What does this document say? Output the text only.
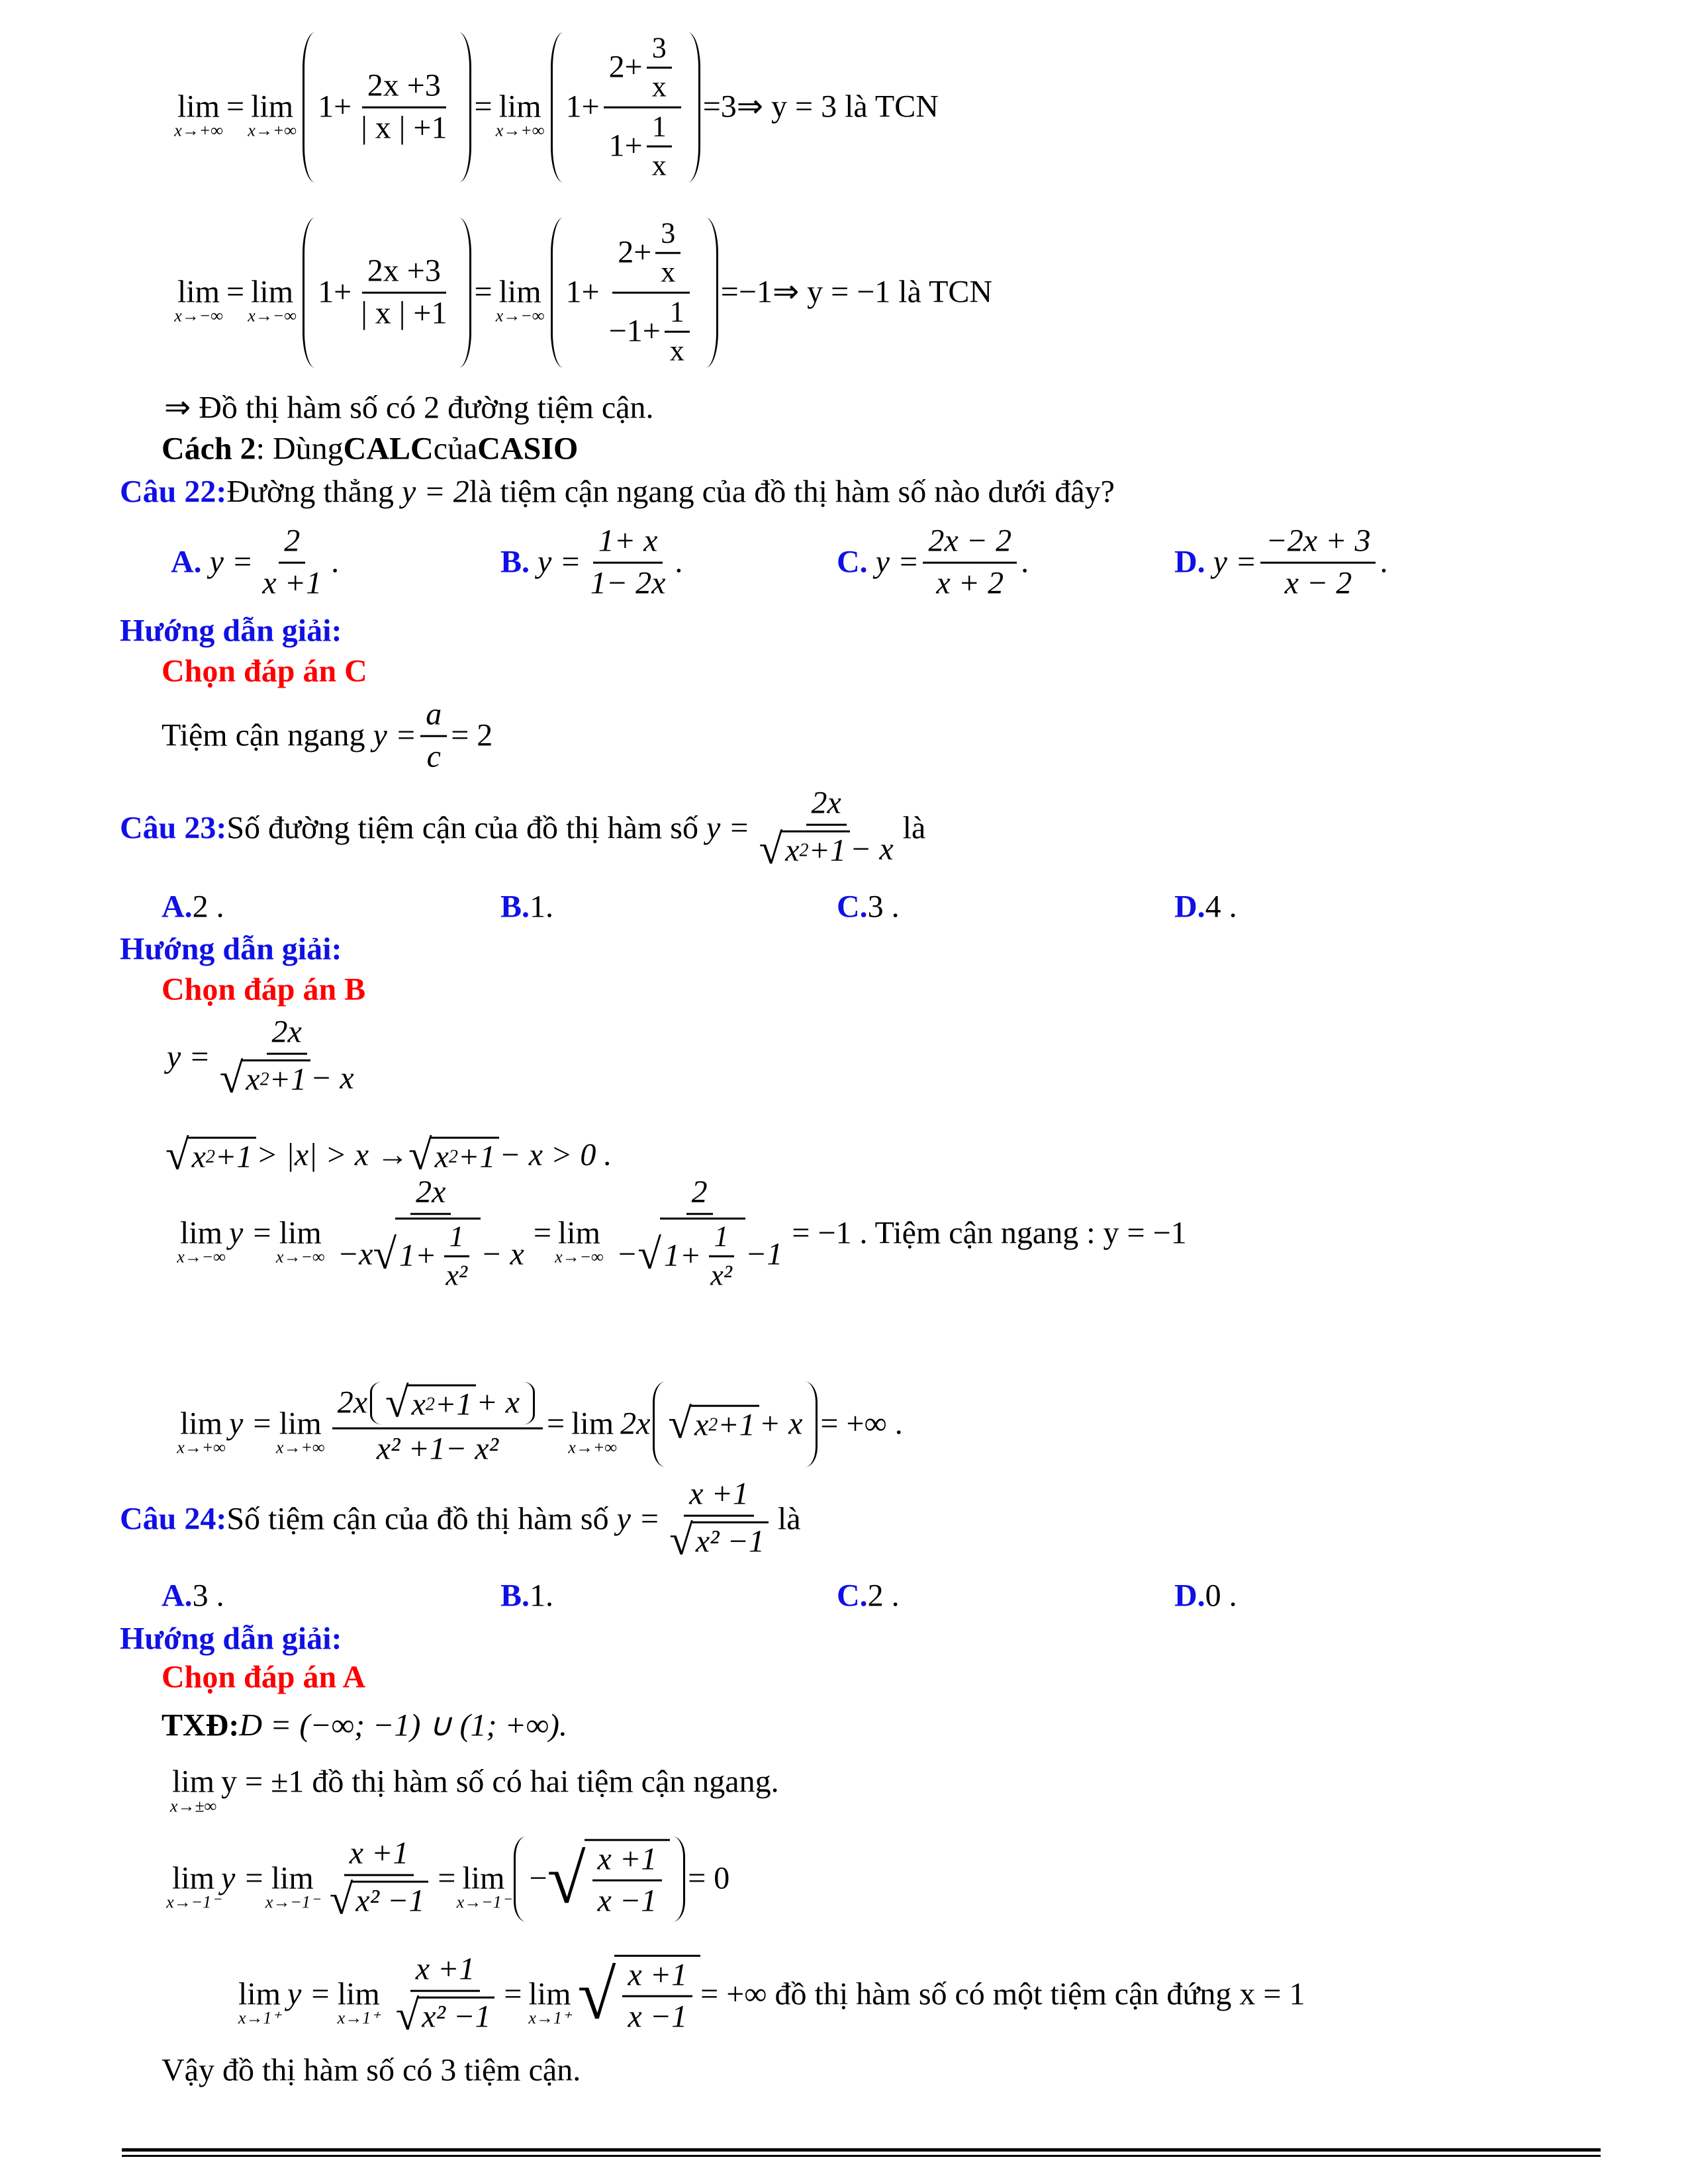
lim
x→+∞
= lim
x→+∞
$1+ \frac{2x +3}{| x | +1} = \lim$
x→+∞
$1+ \frac{2+ \frac{3}{x}}{1+ \frac{1}{x}}$ =3⇒ y = 3 là TCN
lim
x→−∞
= lim
x→−∞
$1+ \frac{2x +3}{| x | +1} = \lim$
x→−∞
$1+ \frac{2+ \frac{3}{x}}{-1+ \frac{1}{x}}$ =−1⇒ y = −1 là TCN
⇒ Đồ thị hàm số có 2 đường tiệm cận.
Cách 2 : Dùng CALC của CASIO
Câu 22: Đường thẳng
y = 2 là tiệm cận ngang của đồ thị hàm số nào dưới đây?
A.
$y = \frac{2}{x +1}$ .	B.
$y = \frac{1+ x}{1- 2x}$ .	C.
$y = \frac{2x - 2}{x + 2}$ .	D.
$y = \frac{-2x + 3}{x - 2}$ .
Hướng dẫn giải:
Chọn đáp án C
Tiệm cận ngang
$y = \frac{a}{c} = 2$
Câu 23: Số đường tiệm cận của đồ thị hàm số
$y = \frac{2x}{√ x 2 +1 - x}$ là
A. 2 .	B. 1.	C. 3 .	D. 4 .
Hướng dẫn giải:
Chọn đáp án B
$y = \frac{2x}{√ x 2 +1 - x}$
√ x 2 +1 > |x| > x → √ x 2 +1 − x > 0 .
lim
x→−∞
y = lim
$x\to-\infty \frac{2x}{-x √ 1+ \frac{1}{\text{x²}} - x} = \lim$
$x\to-\infty \frac{2}{- √ 1+ \frac{1}{\text{x²}} -1} = -1$ . Tiệm cận ngang : y = −1
lim
x→+∞
y = lim
$x\to+\infty \frac{2x √ x 2 +1 + x}{\text{x² +1− x²}} = \lim$
x→+∞
2x √ x 2 +1 + x = +∞ .
Câu 24: Số tiệm cận của đồ thị hàm số
$y = \frac{x +1}{\text{√ x² −1}}$ là
A. 3 .	B. 1.	C. 2 .	D. 0 .
Hướng dẫn giải:
Chọn đáp án A
TXĐ: D = (−∞; −1) ∪ (1; +∞).
lim
x→±∞
y = ±1 đồ thị hàm số có hai tiệm cận ngang.
lim
x→−1⁻
y = lim
$x\to-1^- \frac{x +1}{\text{√ x² −1}} = \lim$
x→−1⁻
− √ $\frac{x +1}{x -1} = 0$
lim
x→1⁺
y = lim
$x\to 1^+ \frac{x +1}{\text{√ x² −1}} = \lim$
x→1⁺ √ $\frac{x +1}{x -1}$ = +∞ đồ thị hàm số có một tiệm cận đứng x = 1
Vậy đồ thị hàm số có 3 tiệm cận.
